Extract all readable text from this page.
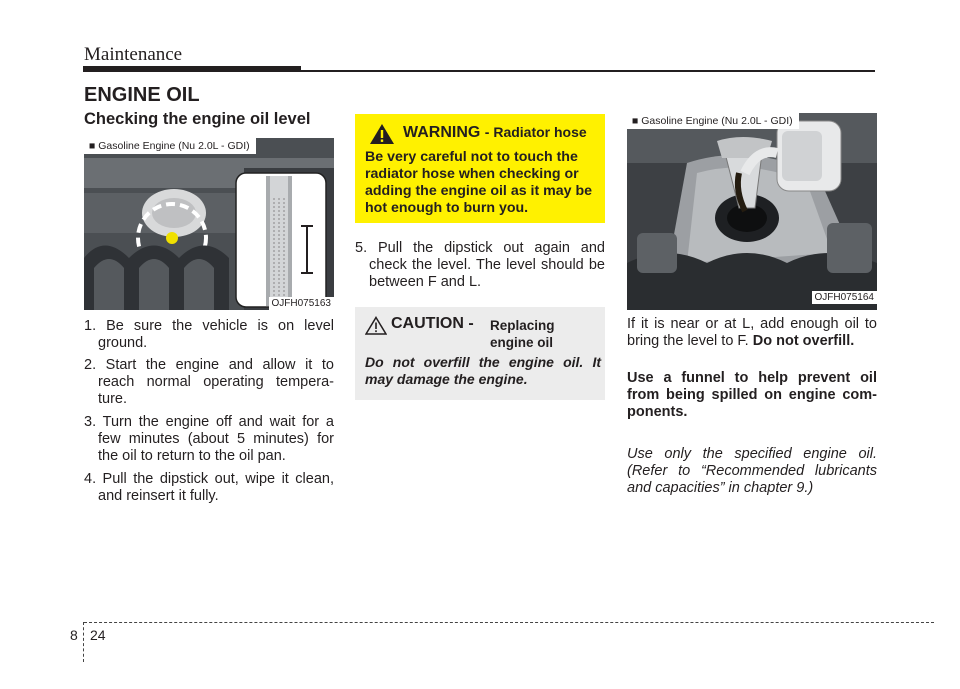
Maintenance
ENGINE OIL
Checking the engine oil level
■ Gasoline Engine (Nu 2.0L - GDI)
OJFH075163
1. Be sure the vehicle is on level ground.
2. Start the engine and allow it to reach normal operating tempera-ture.
3. Turn the engine off and wait for a few minutes (about 5 minutes) for the oil to return to the oil pan.
4. Pull the dipstick out, wipe it clean, and reinsert it fully.
WARNING - Radiator hose
Be very careful not to touch the radiator hose when checking or adding the engine oil as it may be hot enough to burn you.
5. Pull the dipstick out again and check the level. The level should be between F and L.
CAUTION - Replacing
engine oil
Do not overfill the engine oil. It may damage the engine.
■ Gasoline Engine (Nu 2.0L - GDI)
OJFH075164
If it is near or at L, add enough oil to bring the level to F. Do not overfill.
Use a funnel to help prevent oil from being spilled on engine com-ponents.
Use only the specified engine oil. (Refer to “Recommended lubricants and capacities” in chapter 9.)
8 24
